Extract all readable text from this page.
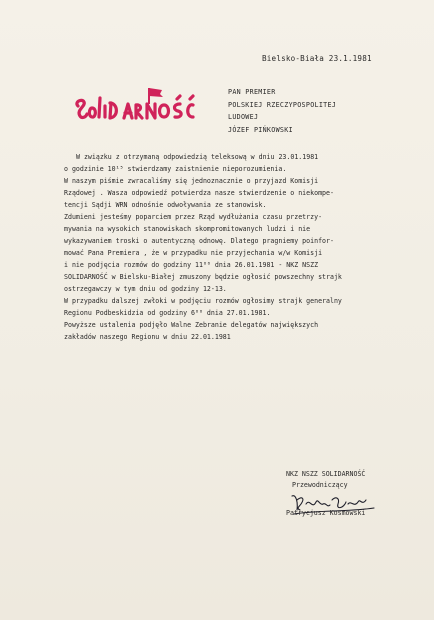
Bielsko-Biała 23.1.1981
PAN PREMIER
POLSKIEJ RZECZYPOSPOLITEJ
LUDOWEJ
JÓZEF PIŃKOWSKI
W związku z otrzymaną odpowiedzią teleksową w dniu 23.01.1981
o godzinie 10¹⁵ stwierdzamy zaistnienie nieporozumienia.
W naszym piśmie zwracaliśmy się jednoznacznie o przyjazd Komisji
Rządowej . Wasza odpowiedź potwierdza nasze stwierdzenie o niekompe-
tencji Sądji WRN odnośnie odwoływania ze stanowisk.
Zdumieni jesteśmy poparciem przez Rząd wydłużania czasu przetrzy-
mywania na wysokich stanowiskach skompromitowanych ludzi i nie
wykazywaniem troski o autentyczną odnowę. Dlatego pragniemy poinfor-
mować Pana Premiera , że w przypadku nie przyjechania w/w Komisji
i nie podjęcia rozmów do godziny 11⁰⁰ dnia 26.01.1981 - NKZ NSZZ
SOLIDARNOŚĆ w Bielsku-Białej zmuszony będzie ogłosić powszechny strajk
ostrzegawczy w tym dniu od godziny 12-13.
W przypadku dalszej zwłoki w podjęciu rozmów ogłosimy strajk generalny
Regionu Podbeskidzia od godziny 6⁰⁰ dnia 27.01.1981.
Powyższe ustalenia podjęło Walne Zebranie delegatów największych
zakładów naszego Regionu w dniu 22.01.1981
NKZ NSZZ SOLIDARNOŚĆ
Przewodniczący
Patrycjusz Kosmowski
